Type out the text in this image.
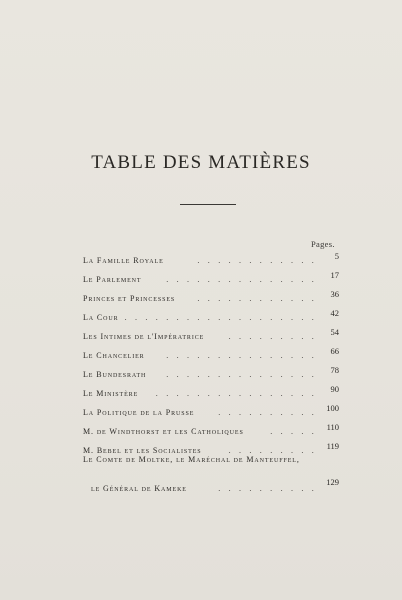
TABLE DES MATIÈRES
Pages.
La Famille Royale	. . . . . . . . . . . .	5
Le Parlement	. . . . . . . . . . . . . . .	17
Princes et Princesses	. . . . . . . . . . . .	36
La Cour . . . . . . . . . . . . . . . . . . .	42
Les Intimes de l'Impératrice	. . . . . . . . .	54
Le Chancelier	. . . . . . . . . . . . . . .	66
Le Bundesrath . . . . . . . . . . . . . . .	78
Le Ministère . . . . . . . . . . . . . . . .	90
La Politique de la Prusse	. . . . . . . . . .	100
M. de Windthorst et les Catholiques	. . . . .	110
M. Bebel et les Socialistes	. . . . . . . . .	119
Le Comte de Moltke, le Maréchal de Manteuffel,
le Général de Kameke	. . . . . . . . . .
129
